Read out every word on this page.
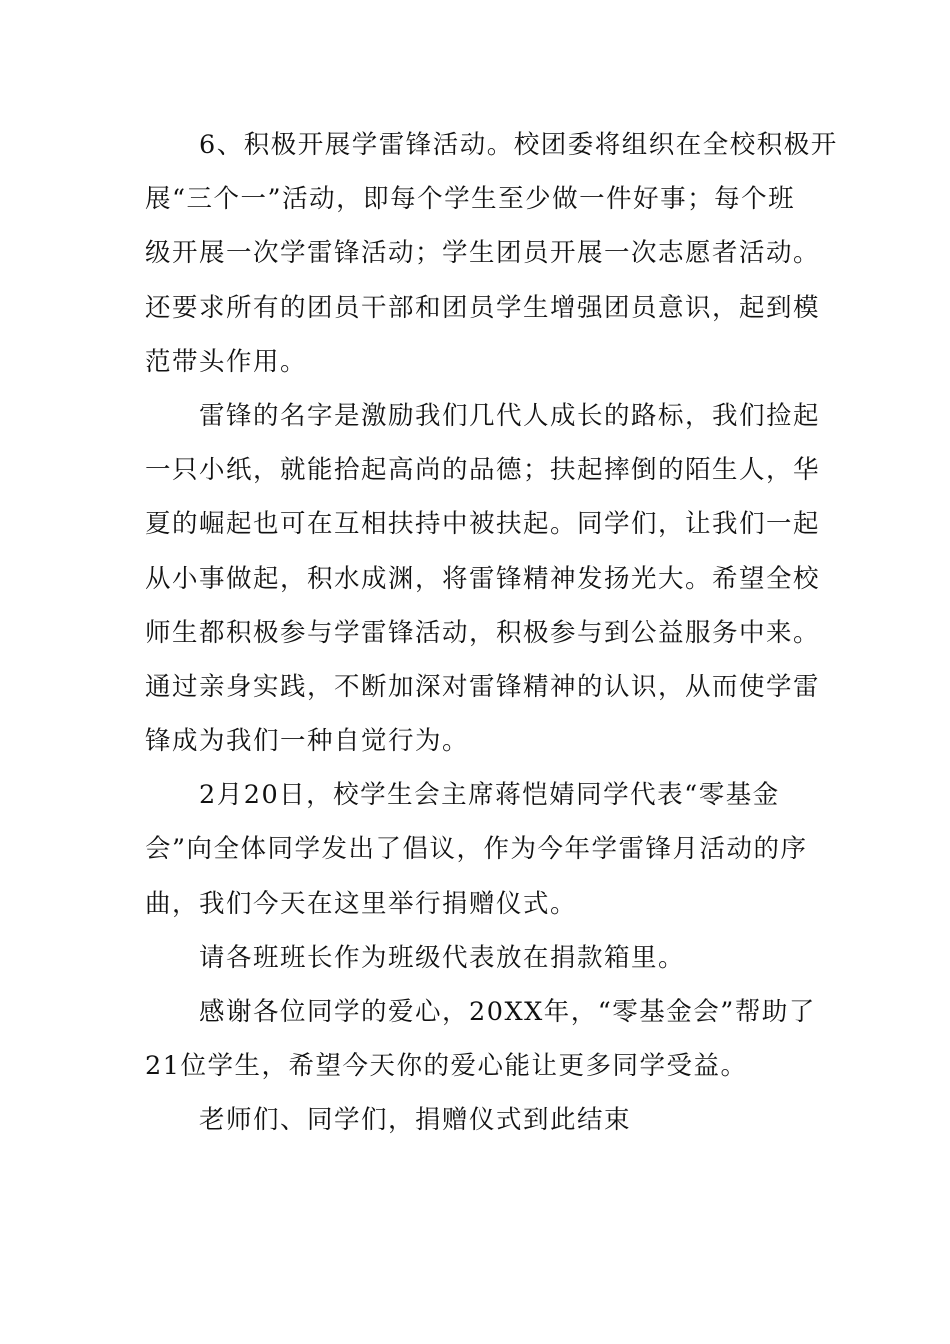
6、积极开展学雷锋活动。校团委将组织在全校积极开
展“三个一”活动，即每个学生至少做一件好事；每个班
级开展一次学雷锋活动；学生团员开展一次志愿者活动。
还要求所有的团员干部和团员学生增强团员意识，起到模
范带头作用。
雷锋的名字是激励我们几代人成长的路标，我们捡起
一只小纸，就能拾起高尚的品德；扶起摔倒的陌生人，华
夏的崛起也可在互相扶持中被扶起。同学们，让我们一起
从小事做起，积水成渊，将雷锋精神发扬光大。希望全校
师生都积极参与学雷锋活动，积极参与到公益服务中来。
通过亲身实践，不断加深对雷锋精神的认识，从而使学雷
锋成为我们一种自觉行为。
2月20日，校学生会主席蒋恺婧同学代表“零基金
会”向全体同学发出了倡议，作为今年学雷锋月活动的序
曲，我们今天在这里举行捐赠仪式。
请各班班长作为班级代表放在捐款箱里。
感谢各位同学的爱心，20XX年，“零基金会”帮助了
21位学生，希望今天你的爱心能让更多同学受益。
老师们、同学们，捐赠仪式到此结束
